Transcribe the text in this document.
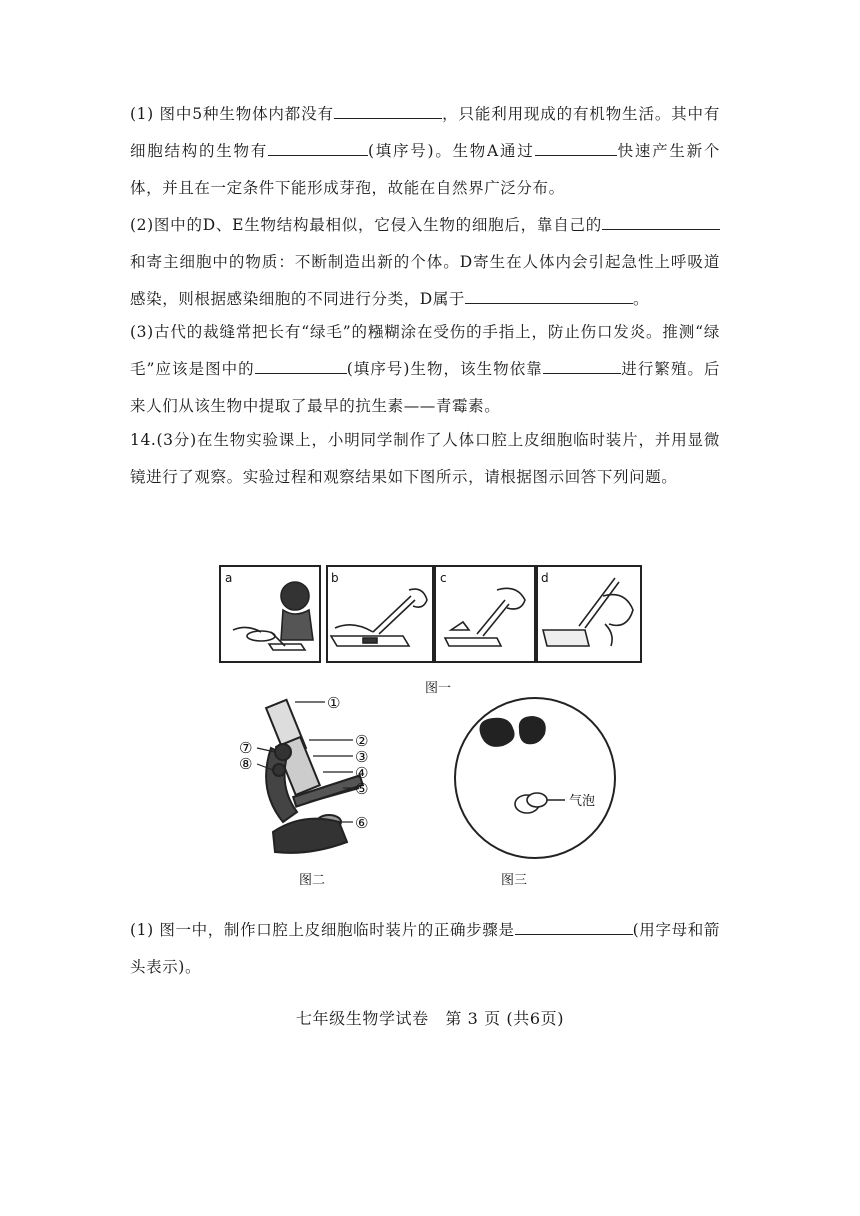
(1) 图中5种生物体内都没有	，只能利用现成的有机物生活。其中有细胞结构的生物有	(填序号)。生物A通过	快速产生新个体，并且在一定条件下能形成芽孢，故能在自然界广泛分布。

(2)图中的D、E生物结构最相似，它侵入生物的细胞后，靠自己的和寄主细胞中的物质：不断制造出新的个体。D寄生在人体内会引起急性上呼吸道感染，则根据感染细胞的不同进行分类，D属于	。

(3)古代的裁缝常把长有“绿毛”的糨糊涂在受伤的手指上，防止伤口发炎。推测“绿毛”应该是图中的	(填序号)生物，该生物依靠	进行繁殖。后来人们从该生物中提取了最早的抗生素——青霉素。

14.(3分)在生物实验课上，小明同学制作了人体口腔上皮细胞临时装片，并用显微镜进行了观察。实验过程和观察结果如下图所示，请根据图示回答下列问题。

a	b	c	d
图一
①
②
③
④
⑤
⑥
⑦
⑧
图二
气泡
图三

(1) 图一中，制作口腔上皮细胞临时装片的正确步骤是	(用字母和箭头表示)。

七年级生物学试卷　第 3 页 (共6页)
